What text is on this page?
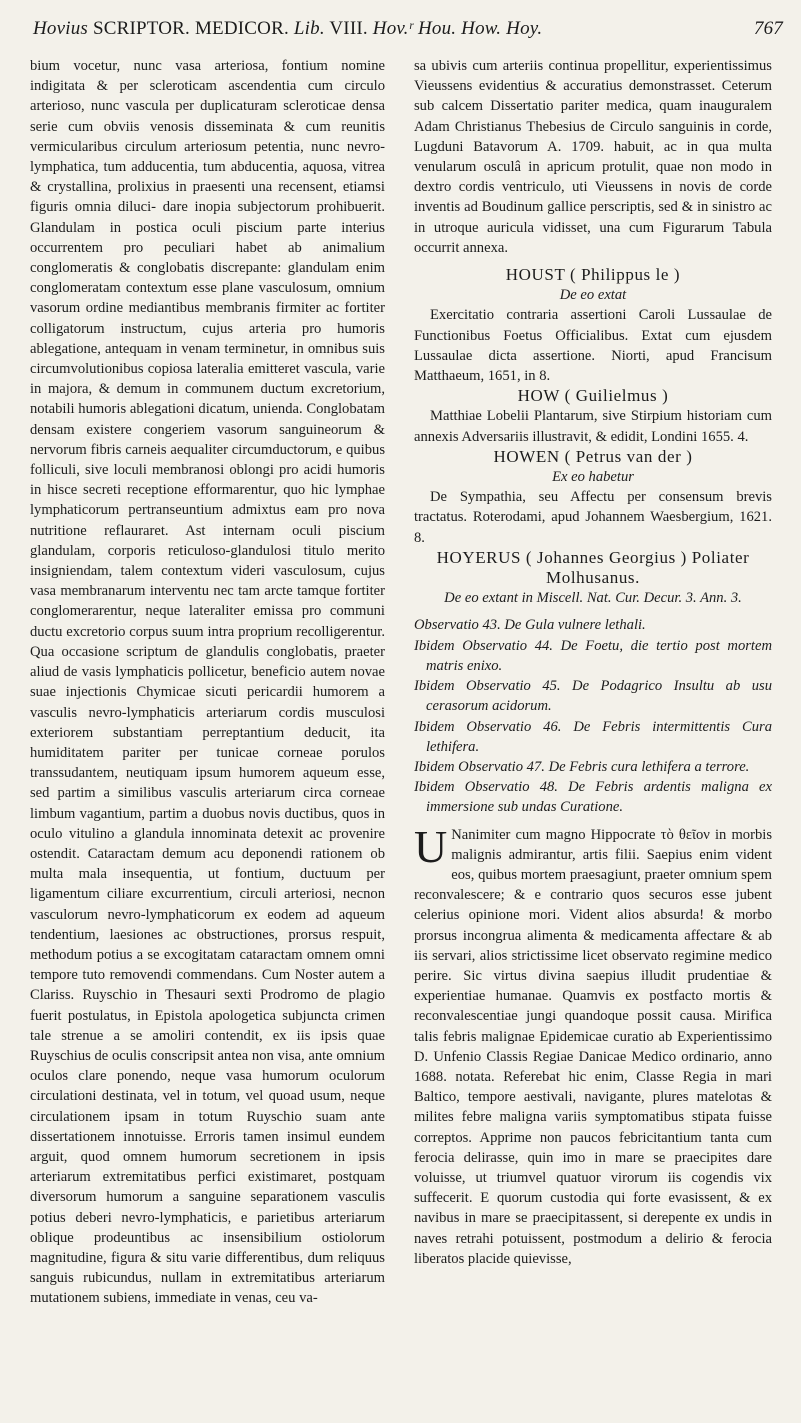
Hovius SCRIPTOR. MEDICOR. Lib. VIII. Hov.ʳ Hou. How. Hoy.	767

bium vocetur, nunc vasa arteriosa, fontium nomine indigitata & per scleroticam ascendentia cum circulo arterioso, nunc vascula per duplicaturam scleroticae densa serie cum obviis venosis disseminata & cum reunitis vermicularibus circulum arteriosum petentia, nunc nevro-lymphatica, tum adducentia, tum abducentia, aquosa, vitrea & crystallina, prolixius in praesenti una recensent, etiamsi figuris omnia diluci- dare inopia subjectorum prohibuerit. Glandulam in postica oculi piscium parte interius occurrentem pro peculiari habet ab animalium conglomeratis & conglobatis discrepante: glandulam enim conglomeratam contextum esse plane vasculosum, omnium vasorum ordine mediantibus membranis firmiter ac fortiter colligatorum instructum, cujus arteria pro humoris ablegatione, antequam in venam terminetur, in omnibus suis circumvolutionibus copiosa lateralia emitteret vascula, varie in majora, & demum in communem ductum excretorium, notabili humoris ablegationi dicatum, unienda. Conglobatam densam existere congeriem vasorum sanguineorum & nervorum fibris carneis aequaliter circumductorum, e quibus folliculi, sive loculi membranosi oblongi pro acidi humoris in hisce secreti receptione efformarentur, quo hic lymphae lymphaticorum pertranseuntium admixtus eam pro nova nutritione reflauraret. Ast internam oculi piscium glandulam, corporis reticuloso-glandulosi titulo merito insigniendam, talem contextum videri vasculosum, cujus vasa membranarum interventu nec tam arcte tamque fortiter conglomerarentur, neque lateraliter emissa pro communi ductu excretorio corpus suum intra proprium recolligerentur. Qua occasione scriptum de glandulis conglobatis, praeter aliud de vasis lymphaticis pollicetur, beneficio autem novae suae injectionis Chymicae sicuti pericardii humorem a vasculis nevro-lymphaticis arteriarum cordis musculosi exteriorem substantiam perreptantium deducit, ita humiditatem pariter per tunicae corneae porulos transsudantem, neutiquam ipsum humorem aqueum esse, sed partim a similibus vasculis arteriarum circa corneae limbum vagantium, partim a duobus novis ductibus, quos in oculo vitulino a glandula innominata detexit ac provenire ostendit. Cataractam demum acu deponendi rationem ob multa mala insequentia, ut fontium, ductuum per ligamentum ciliare excurrentium, circuli arteriosi, necnon vasculorum nevro-lymphaticorum ex eodem ad aqueum tendentium, laesiones ac obstructiones, prorsus respuit, methodum potius a se excogitatam cataractam omnem omni tempore tuto removendi commendans. Cum Noster autem a Clariss. Ruyschio in Thesauri sexti Prodromo de plagio fuerit postulatus, in Epistola apologetica subjuncta crimen tale strenue a se amoliri contendit, ex iis ipsis quae Ruyschius de oculis conscripsit antea non visa, ante omnium oculos clare ponendo, neque vasa humorum oculorum circulationi destinata, vel in totum, vel quoad usum, neque circulationem ipsam in totum Ruyschio suam ante dissertationem innotuisse. Erroris tamen insimul eundem arguit, quod omnem humorum secretionem in ipsis arteriarum extremitatibus perfici existimaret, postquam diversorum humorum a sanguine separationem vasculis potius deberi nevro-lymphaticis, e parietibus arteriarum oblique prodeuntibus ac insensibilium ostiolorum magnitudine, figura & situ varie differentibus, dum reliquus sanguis rubicundus, nullam in extremitatibus arteriarum mutationem subiens, immediate in venas, ceu va-

sa ubivis cum arteriis continua propellitur, experientissimus Vieussens evidentius & accuratius demonstrasset. Ceterum sub calcem Dissertatio pariter medica, quam inauguralem Adam Christianus Thebesius de Circulo sanguinis in corde, Lugduni Batavorum A. 1709. habuit, ac in qua multa venularum osculâ in apricum protulit, quae non modo in dextro cordis ventriculo, uti Vieussens in novis de corde inventis ad Boudinum gallice perscriptis, sed & in sinistro ac in utroque auricula vidisset, una cum Figurarum Tabula occurrit annexa.

HOUST ( Philippus le )

De eo extat

Exercitatio contraria assertioni Caroli Lussaulae de Functionibus Foetus Officialibus. Extat cum ejusdem Lussaulae dicta assertione. Niorti, apud Francisum Matthaeum, 1651, in 8.

HOW ( Guilielmus )

Matthiae Lobelii Plantarum, sive Stirpium historiam cum annexis Adversariis illustravit, & edidit, Londini 1655. 4.

HOWEN ( Petrus van der )

Ex eo habetur

De Sympathia, seu Affectu per consensum brevis tractatus. Roterodami, apud Johannem Waesbergium, 1621. 8.

HOYERUS ( Johannes Georgius ) Poliater Molhusanus.

De eo extant in Miscell. Nat. Cur. Decur. 3. Ann. 3.

Observatio 43. De Gula vulnere lethali.

Ibidem Observatio 44. De Foetu, die tertio post mortem matris enixo.

Ibidem Observatio 45. De Podagrico Insultu ab usu cerasorum acidorum.

Ibidem Observatio 46. De Febris intermittentis Cura lethifera.

Ibidem Observatio 47. De Febris cura lethifera a terrore.

Ibidem Observatio 48. De Febris ardentis maligna ex immersione sub undas Curatione.

U Nanimiter cum magno Hippocrate τὸ θεῖον in morbis malignis admirantur, artis filii. Saepius enim vident eos, quibus mortem praesagiunt, praeter omnium spem reconvalescere; & e contrario quos securos esse jubent celerius opinione mori. Vident alios absurda! & morbo prorsus incongrua alimenta & medicamenta affectare & ab iis servari, alios strictissime licet observato regimine medico perire. Sic virtus divina saepius illudit prudentiae & experientiae humanae. Quamvis ex postfacto mortis & reconvalescentiae jungi quandoque possit causa. Mirifica talis febris malignae Epidemicae curatio ab Experientissimo D. Unfenio Classis Regiae Danicae Medico ordinario, anno 1688. notata. Referebat hic enim, Classe Regia in mari Baltico, tempore aestivali, navigante, plures matelotas & milites febre maligna variis symptomatibus stipata fuisse correptos. Apprime non paucos febricitantium tanta cum ferocia delirasse, quin imo in mare se praecipites dare voluisse, ut triumvel quatuor virorum iis cogendis vix suffecerit. E quorum custodia qui forte evasissent, & ex navibus in mare se praecipitassent, si derepente ex undis in naves retrahi potuissent, postmodum a delirio & ferocia liberatos placide quievisse,
